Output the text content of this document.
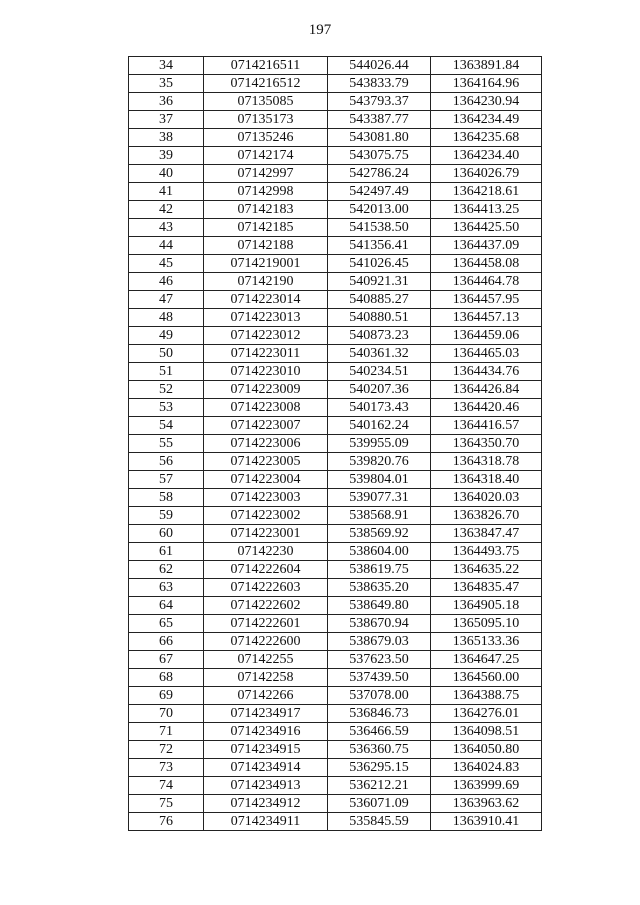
197
34	0714216511	544026.44	1363891.84
35	0714216512	543833.79	1364164.96
36	07135085	543793.37	1364230.94
37	07135173	543387.77	1364234.49
38	07135246	543081.80	1364235.68
39	07142174	543075.75	1364234.40
40	07142997	542786.24	1364026.79
41	07142998	542497.49	1364218.61
42	07142183	542013.00	1364413.25
43	07142185	541538.50	1364425.50
44	07142188	541356.41	1364437.09
45	0714219001	541026.45	1364458.08
46	07142190	540921.31	1364464.78
47	0714223014	540885.27	1364457.95
48	0714223013	540880.51	1364457.13
49	0714223012	540873.23	1364459.06
50	0714223011	540361.32	1364465.03
51	0714223010	540234.51	1364434.76
52	0714223009	540207.36	1364426.84
53	0714223008	540173.43	1364420.46
54	0714223007	540162.24	1364416.57
55	0714223006	539955.09	1364350.70
56	0714223005	539820.76	1364318.78
57	0714223004	539804.01	1364318.40
58	0714223003	539077.31	1364020.03
59	0714223002	538568.91	1363826.70
60	0714223001	538569.92	1363847.47
61	07142230	538604.00	1364493.75
62	0714222604	538619.75	1364635.22
63	0714222603	538635.20	1364835.47
64	0714222602	538649.80	1364905.18
65	0714222601	538670.94	1365095.10
66	0714222600	538679.03	1365133.36
67	07142255	537623.50	1364647.25
68	07142258	537439.50	1364560.00
69	07142266	537078.00	1364388.75
70	0714234917	536846.73	1364276.01
71	0714234916	536466.59	1364098.51
72	0714234915	536360.75	1364050.80
73	0714234914	536295.15	1364024.83
74	0714234913	536212.21	1363999.69
75	0714234912	536071.09	1363963.62
76	0714234911	535845.59	1363910.41
